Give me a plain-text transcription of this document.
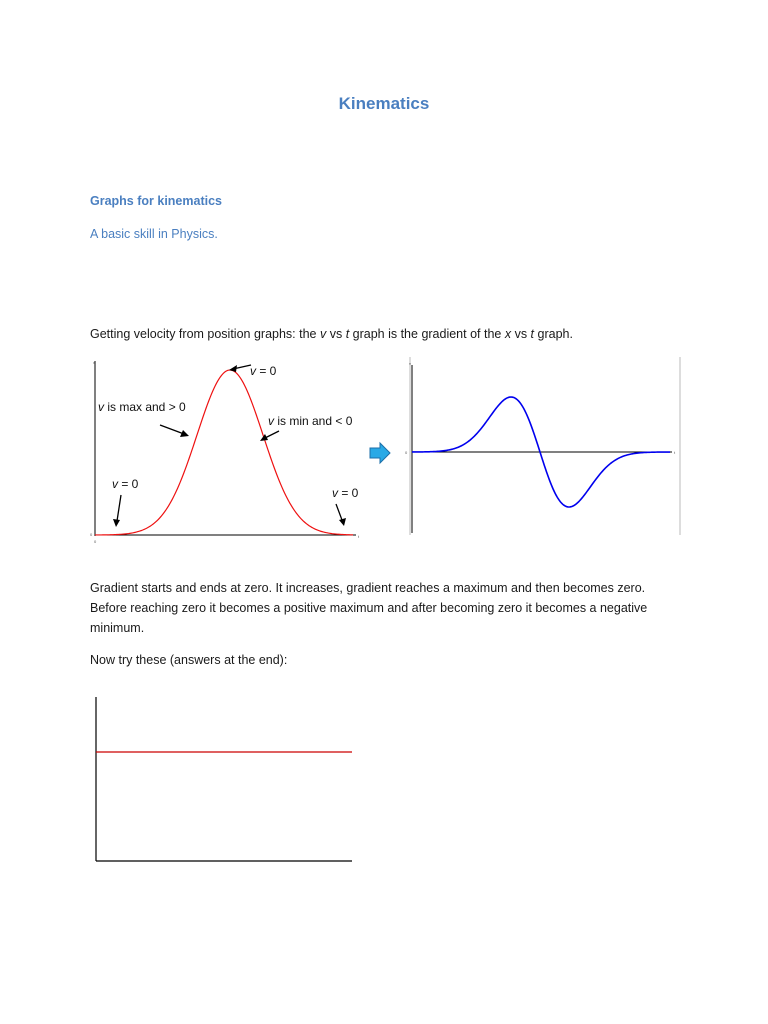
Kinematics
Graphs for kinematics

A basic skill in Physics.

Getting velocity from position graphs: the v vs t graph is the gradient of the x vs t graph.

x
t
0
0
v = 0
v is max and > 0
v is min and < 0
v = 0
v = 0
v
t
0

Gradient starts and ends at zero. It increases, gradient reaches a maximum and then becomes zero. Before reaching zero it becomes a positive maximum and after becoming zero it becomes a negative minimum.

Now try these (answers at the end):
